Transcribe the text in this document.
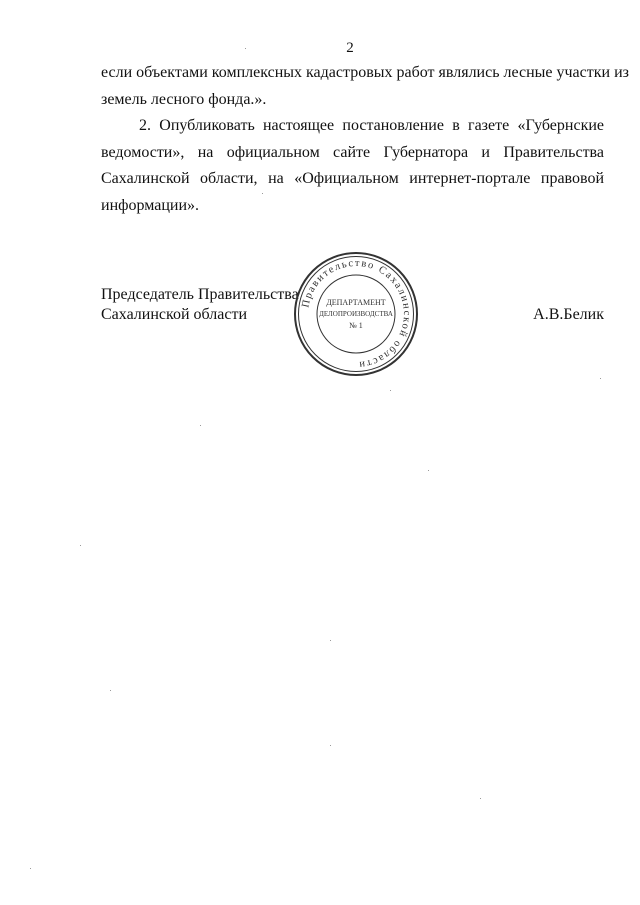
2
если объектами комплексных кадастровых работ являлись лесные участки из
земель лесного фонда.».
2. Опубликовать настоящее постановление в газете «Губернские
ведомости», на официальном сайте Губернатора и Правительства
Сахалинской области, на «Официальном интернет-портале правовой
информации».
Председатель Правительства
Сахалинской области	А.В.Белик
Правительство Сахалинской области
ДЕПАРТАМЕНТ
ДЕЛОПРОИЗВОДСТВА
№ 1
